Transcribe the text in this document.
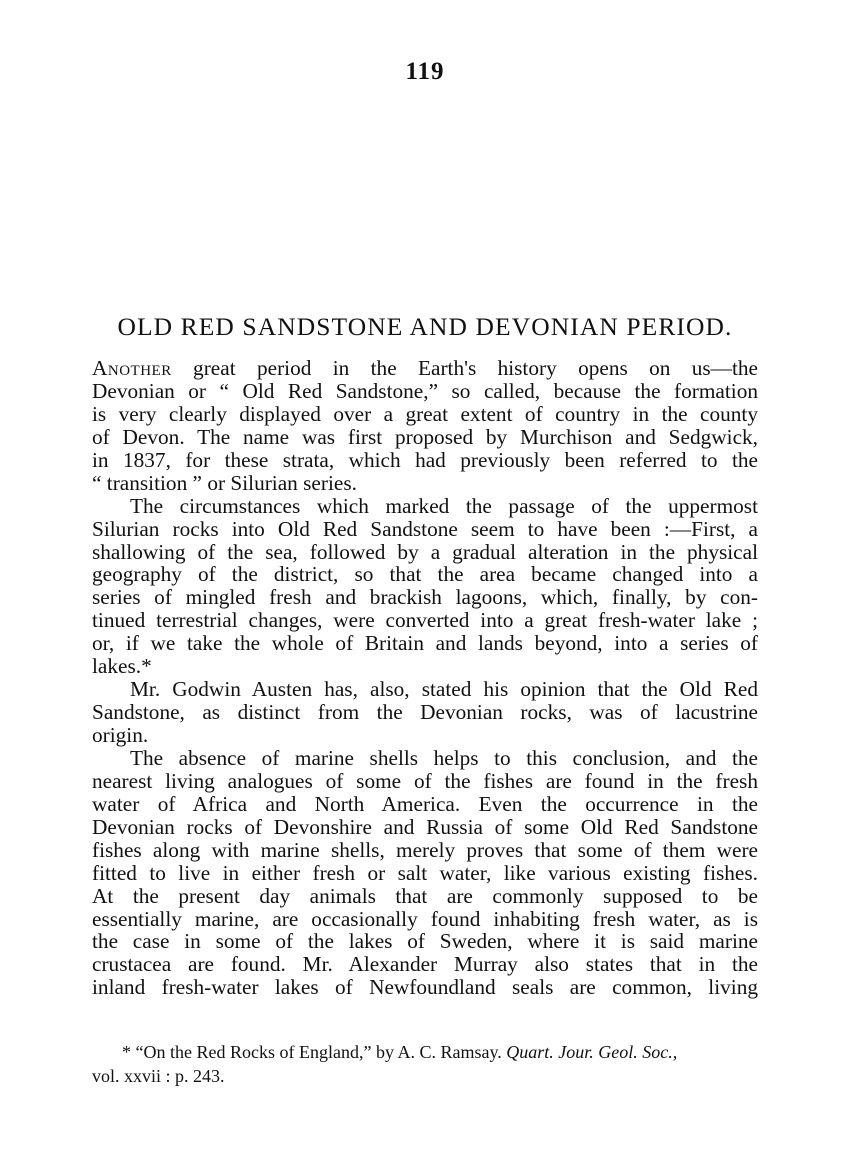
119
OLD RED SANDSTONE AND DEVONIAN PERIOD.
Another great period in the Earth's history opens on us—the
Devonian or “ Old Red Sandstone,” so called, because the formation
is very clearly displayed over a great extent of country in the county
of Devon. The name was first proposed by Murchison and Sedgwick,
in 1837, for these strata, which had previously been referred to the
“ transition ” or Silurian series.
The circumstances which marked the passage of the uppermost
Silurian rocks into Old Red Sandstone seem to have been :—First, a
shallowing of the sea, followed by a gradual alteration in the physical
geography of the district, so that the area became changed into a
series of mingled fresh and brackish lagoons, which, finally, by con-
tinued terrestrial changes, were converted into a great fresh-water lake ;
or, if we take the whole of Britain and lands beyond, into a series of
lakes.*
Mr. Godwin Austen has, also, stated his opinion that the Old Red
Sandstone, as distinct from the Devonian rocks, was of lacustrine
origin.
The absence of marine shells helps to this conclusion, and the
nearest living analogues of some of the fishes are found in the fresh
water of Africa and North America. Even the occurrence in the
Devonian rocks of Devonshire and Russia of some Old Red Sandstone
fishes along with marine shells, merely proves that some of them were
fitted to live in either fresh or salt water, like various existing fishes.
At the present day animals that are commonly supposed to be
essentially marine, are occasionally found inhabiting fresh water, as is
the case in some of the lakes of Sweden, where it is said marine
crustacea are found. Mr. Alexander Murray also states that in the
inland fresh-water lakes of Newfoundland seals are common, living
* “On the Red Rocks of England,” by A. C. Ramsay. Quart. Jour. Geol. Soc.,
vol. xxvii : p. 243.
